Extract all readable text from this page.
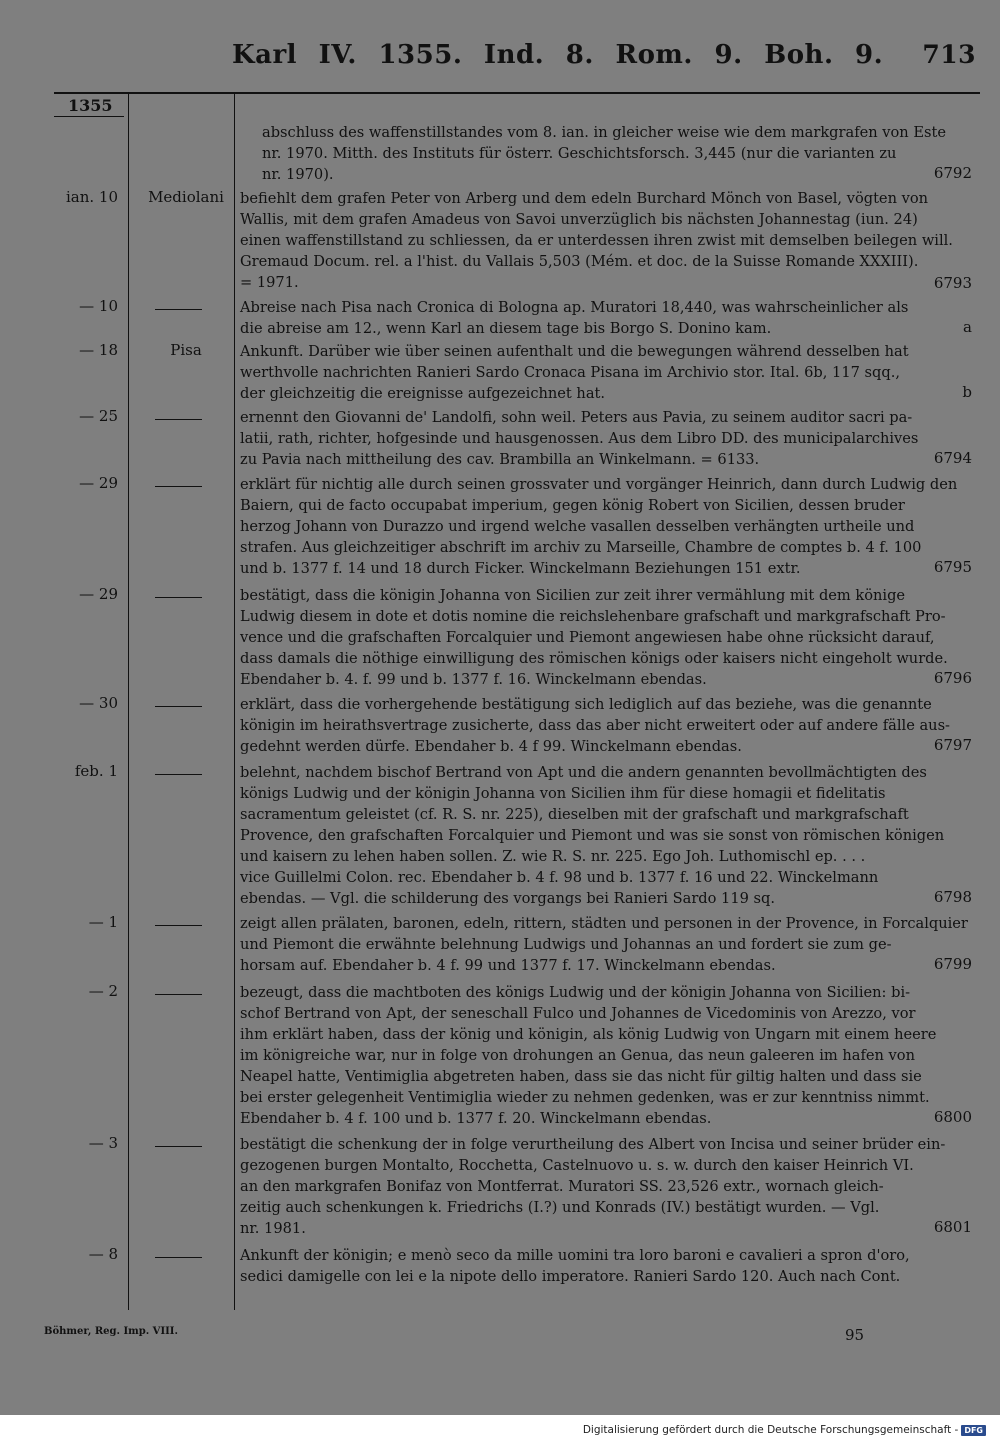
Karl IV. 1355. Ind. 8. Rom. 9. Boh. 9. 713
1355
abschluss des waffenstillstandes vom 8. ian. in gleicher weise wie dem markgrafen von Este
nr. 1970. Mitth. des Instituts für österr. Geschichtsforsch. 3,445 (nur die varianten zu
nr. 1970).	6792
ian. 10	Mediolani	befiehlt dem grafen Peter von Arberg und dem edeln Burchard Mönch von Basel, vögten von
Wallis, mit dem grafen Amadeus von Savoi unverzüglich bis nächsten Johannestag (iun. 24)
einen waffenstillstand zu schliessen, da er unterdessen ihren zwist mit demselben beilegen will.
Gremaud Docum. rel. a l'hist. du Vallais 5,503 (Mém. et doc. de la Suisse Romande XXXIII).
= 1971.	6793
— 10	Abreise nach Pisa nach Cronica di Bologna ap. Muratori 18,440, was wahrscheinlicher als
die abreise am 12., wenn Karl an diesem tage bis Borgo S. Donino kam.	a
— 18	Pisa	Ankunft. Darüber wie über seinen aufenthalt und die bewegungen während desselben hat
werthvolle nachrichten Ranieri Sardo Cronaca Pisana im Archivio stor. Ital. 6b, 117 sqq.,
der gleichzeitig die ereignisse aufgezeichnet hat.	b
— 25	ernennt den Giovanni de' Landolfi, sohn weil. Peters aus Pavia, zu seinem auditor sacri pa-
latii, rath, richter, hofgesinde und hausgenossen. Aus dem Libro DD. des municipalarchives
zu Pavia nach mittheilung des cav. Brambilla an Winkelmann. = 6133.	6794
— 29	erklärt für nichtig alle durch seinen grossvater und vorgänger Heinrich, dann durch Ludwig den
Baiern, qui de facto occupabat imperium, gegen könig Robert von Sicilien, dessen bruder
herzog Johann von Durazzo und irgend welche vasallen desselben verhängten urtheile und
strafen. Aus gleichzeitiger abschrift im archiv zu Marseille, Chambre de comptes b. 4 f. 100
und b. 1377 f. 14 und 18 durch Ficker. Winckelmann Beziehungen 151 extr.	6795
— 29	bestätigt, dass die königin Johanna von Sicilien zur zeit ihrer vermählung mit dem könige
Ludwig diesem in dote et dotis nomine die reichslehenbare grafschaft und markgrafschaft Pro-
vence und die grafschaften Forcalquier und Piemont angewiesen habe ohne rücksicht darauf,
dass damals die nöthige einwilligung des römischen königs oder kaisers nicht eingeholt wurde.
Ebendaher b. 4. f. 99 und b. 1377 f. 16. Winckelmann ebendas.	6796
— 30	erklärt, dass die vorhergehende bestätigung sich lediglich auf das beziehe, was die genannte
königin im heirathsvertrage zusicherte, dass das aber nicht erweitert oder auf andere fälle aus-
gedehnt werden dürfe. Ebendaher b. 4 f 99. Winckelmann ebendas.	6797
feb. 1	belehnt, nachdem bischof Bertrand von Apt und die andern genannten bevollmächtigten des
königs Ludwig und der königin Johanna von Sicilien ihm für diese homagii et fidelitatis
sacramentum geleistet (cf. R. S. nr. 225), dieselben mit der grafschaft und markgrafschaft
Provence, den grafschaften Forcalquier und Piemont und was sie sonst von römischen königen
und kaisern zu lehen haben sollen. Z. wie R. S. nr. 225. Ego Joh. Luthomischl ep. . . .
vice Guillelmi Colon. rec. Ebendaher b. 4 f. 98 und b. 1377 f. 16 und 22. Winckelmann
ebendas. — Vgl. die schilderung des vorgangs bei Ranieri Sardo 119 sq.	6798
— 1	zeigt allen prälaten, baronen, edeln, rittern, städten und personen in der Provence, in Forcalquier
und Piemont die erwähnte belehnung Ludwigs und Johannas an und fordert sie zum ge-
horsam auf. Ebendaher b. 4 f. 99 und 1377 f. 17. Winckelmann ebendas.	6799
— 2	bezeugt, dass die machtboten des königs Ludwig und der königin Johanna von Sicilien: bi-
schof Bertrand von Apt, der seneschall Fulco und Johannes de Vicedominis von Arezzo, vor
ihm erklärt haben, dass der könig und königin, als könig Ludwig von Ungarn mit einem heere
im königreiche war, nur in folge von drohungen an Genua, das neun galeeren im hafen von
Neapel hatte, Ventimiglia abgetreten haben, dass sie das nicht für giltig halten und dass sie
bei erster gelegenheit Ventimiglia wieder zu nehmen gedenken, was er zur kenntniss nimmt.
Ebendaher b. 4 f. 100 und b. 1377 f. 20. Winckelmann ebendas.	6800
— 3	bestätigt die schenkung der in folge verurtheilung des Albert von Incisa und seiner brüder ein-
gezogenen burgen Montalto, Rocchetta, Castelnuovo u. s. w. durch den kaiser Heinrich VI.
an den markgrafen Bonifaz von Montferrat. Muratori SS. 23,526 extr., wornach gleich-
zeitig auch schenkungen k. Friedrichs (I.?) und Konrads (IV.) bestätigt wurden. — Vgl.
nr. 1981.	6801
— 8	Ankunft der königin; e menò seco da mille uomini tra loro baroni e cavalieri a spron d'oro,
sedici damigelle con lei e la nipote dello imperatore. Ranieri Sardo 120. Auch nach Cont.
Böhmer, Reg. Imp. VIII.	95
Digitalisierung gefördert durch die Deutsche Forschungsgemeinschaft - DFG
